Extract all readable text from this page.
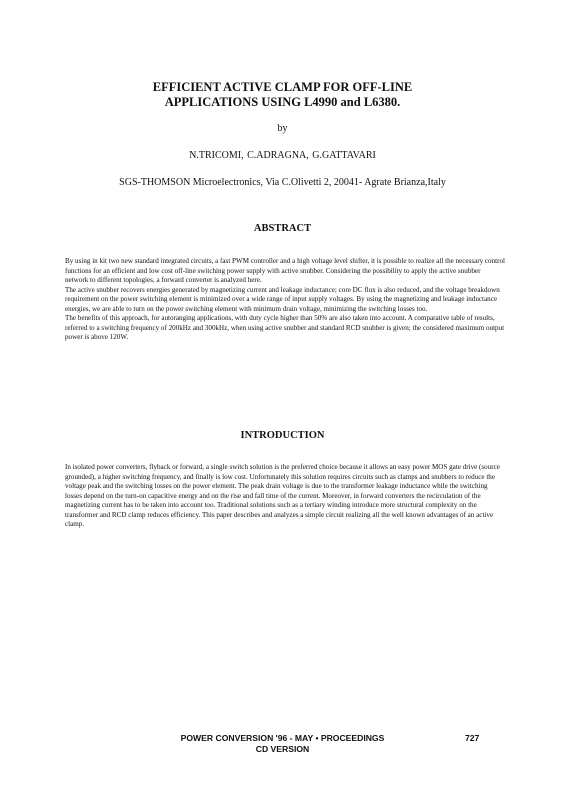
EFFICIENT ACTIVE CLAMP FOR OFF-LINE
APPLICATIONS USING L4990 and L6380.
by
N.TRICOMI, C.ADRAGNA, G.GATTAVARI
SGS-THOMSON Microelectronics, Via C.Olivetti 2, 20041- Agrate Brianza,Italy
ABSTRACT

By using in kit two new standard integrated circuits, a fast PWM controller and a high voltage level shifter, it is possible to realize all the necessary control functions for an efficient and low cost off-line switching power supply with active snubber. Considering the possibility to apply the active snubber network to different topologies, a forward converter is analyzed here.

The active snubber recovers energies generated by magnetizing current and leakage inductance; core DC flux is also reduced, and the voltage breakdown requirement on the power switching element is minimized over a wide range of input supply voltages. By using the magnetizing and leakage inductance energies, we are able to turn on the power switching element with minimum drain voltage, minimizing the switching losses too.

The benefits of this approach, for autoranging applications, with duty cycle higher than 50% are also taken into account. A comparative table of results, referred to a switching frequency of 200kHz and 300kHz, when using active snubber and standard RCD snubber is given; the considered maximum output power is above 120W.

INTRODUCTION

In isolated power converters, flyback or forward, a single switch solution is the preferred choice because it allows an easy power MOS gate drive (source grounded), a higher switching frequency, and finally is low cost. Unfortunately this solution requires circuits such as clamps and snubbers to reduce the voltage peak and the switching losses on the power element. The peak drain voltage is due to the transformer leakage inductance while the switching losses depend on the turn-on capacitive energy and on the rise and fall time of the current. Moreover, in forward converters the recirculation of the magnetizing current has to be taken into account too. Traditional solutions such as a tertiary winding introduce more structural complexity on the transformer and RCD clamp reduces efficiency. This paper describes and analyzes a simple circuit realizing all the well known advantages of an active clamp.

POWER CONVERSION '96 - MAY • PROCEEDINGS
CD VERSION
727
